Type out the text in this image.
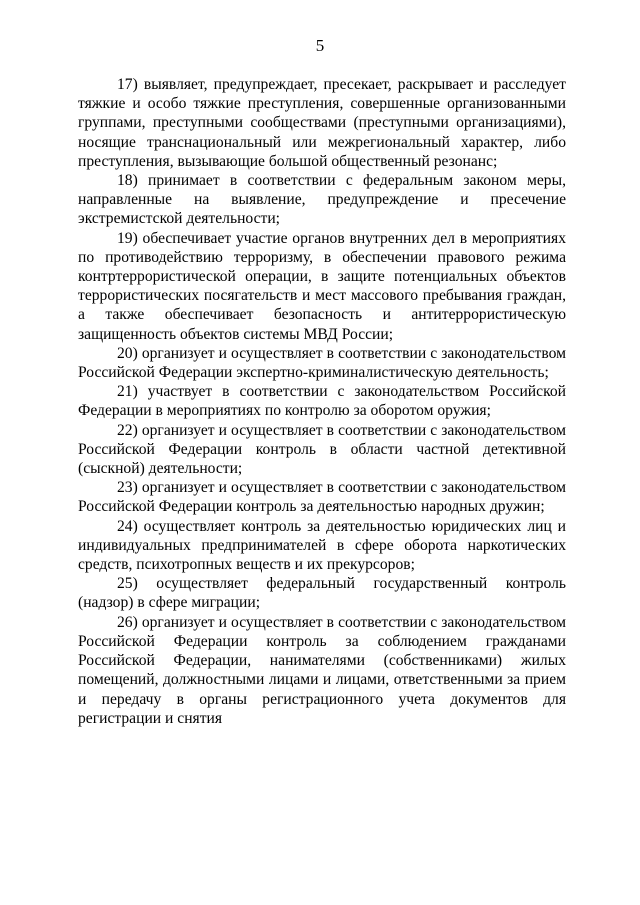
5

17) выявляет, предупреждает, пресекает, раскрывает и расследует тяжкие и особо тяжкие преступления, совершенные организованными группами, преступными сообществами (преступными организациями), носящие транснациональный или межрегиональный характер, либо преступления, вызывающие большой общественный резонанс;

18) принимает в соответствии с федеральным законом меры, направленные на выявление, предупреждение и пресечение экстремистской деятельности;

19) обеспечивает участие органов внутренних дел в мероприятиях по противодействию терроризму, в обеспечении правового режима контртеррористической операции, в защите потенциальных объектов террористических посягательств и мест массового пребывания граждан, а также обеспечивает безопасность и антитеррористическую защищенность объектов системы МВД России;

20) организует и осуществляет в соответствии с законодательством Российской Федерации экспертно-криминалистическую деятельность;

21) участвует в соответствии с законодательством Российской Федерации в мероприятиях по контролю за оборотом оружия;

22) организует и осуществляет в соответствии с законодательством Российской Федерации контроль в области частной детективной (сыскной) деятельности;

23) организует и осуществляет в соответствии с законодательством Российской Федерации контроль за деятельностью народных дружин;

24) осуществляет контроль за деятельностью юридических лиц и индивидуальных предпринимателей в сфере оборота наркотических средств, психотропных веществ и их прекурсоров;

25) осуществляет федеральный государственный контроль (надзор) в сфере миграции;

26) организует и осуществляет в соответствии с законодательством Российской Федерации контроль за соблюдением гражданами Российской Федерации, нанимателями (собственниками) жилых помещений, должностными лицами и лицами, ответственными за прием и передачу в органы регистрационного учета документов для регистрации и снятия
